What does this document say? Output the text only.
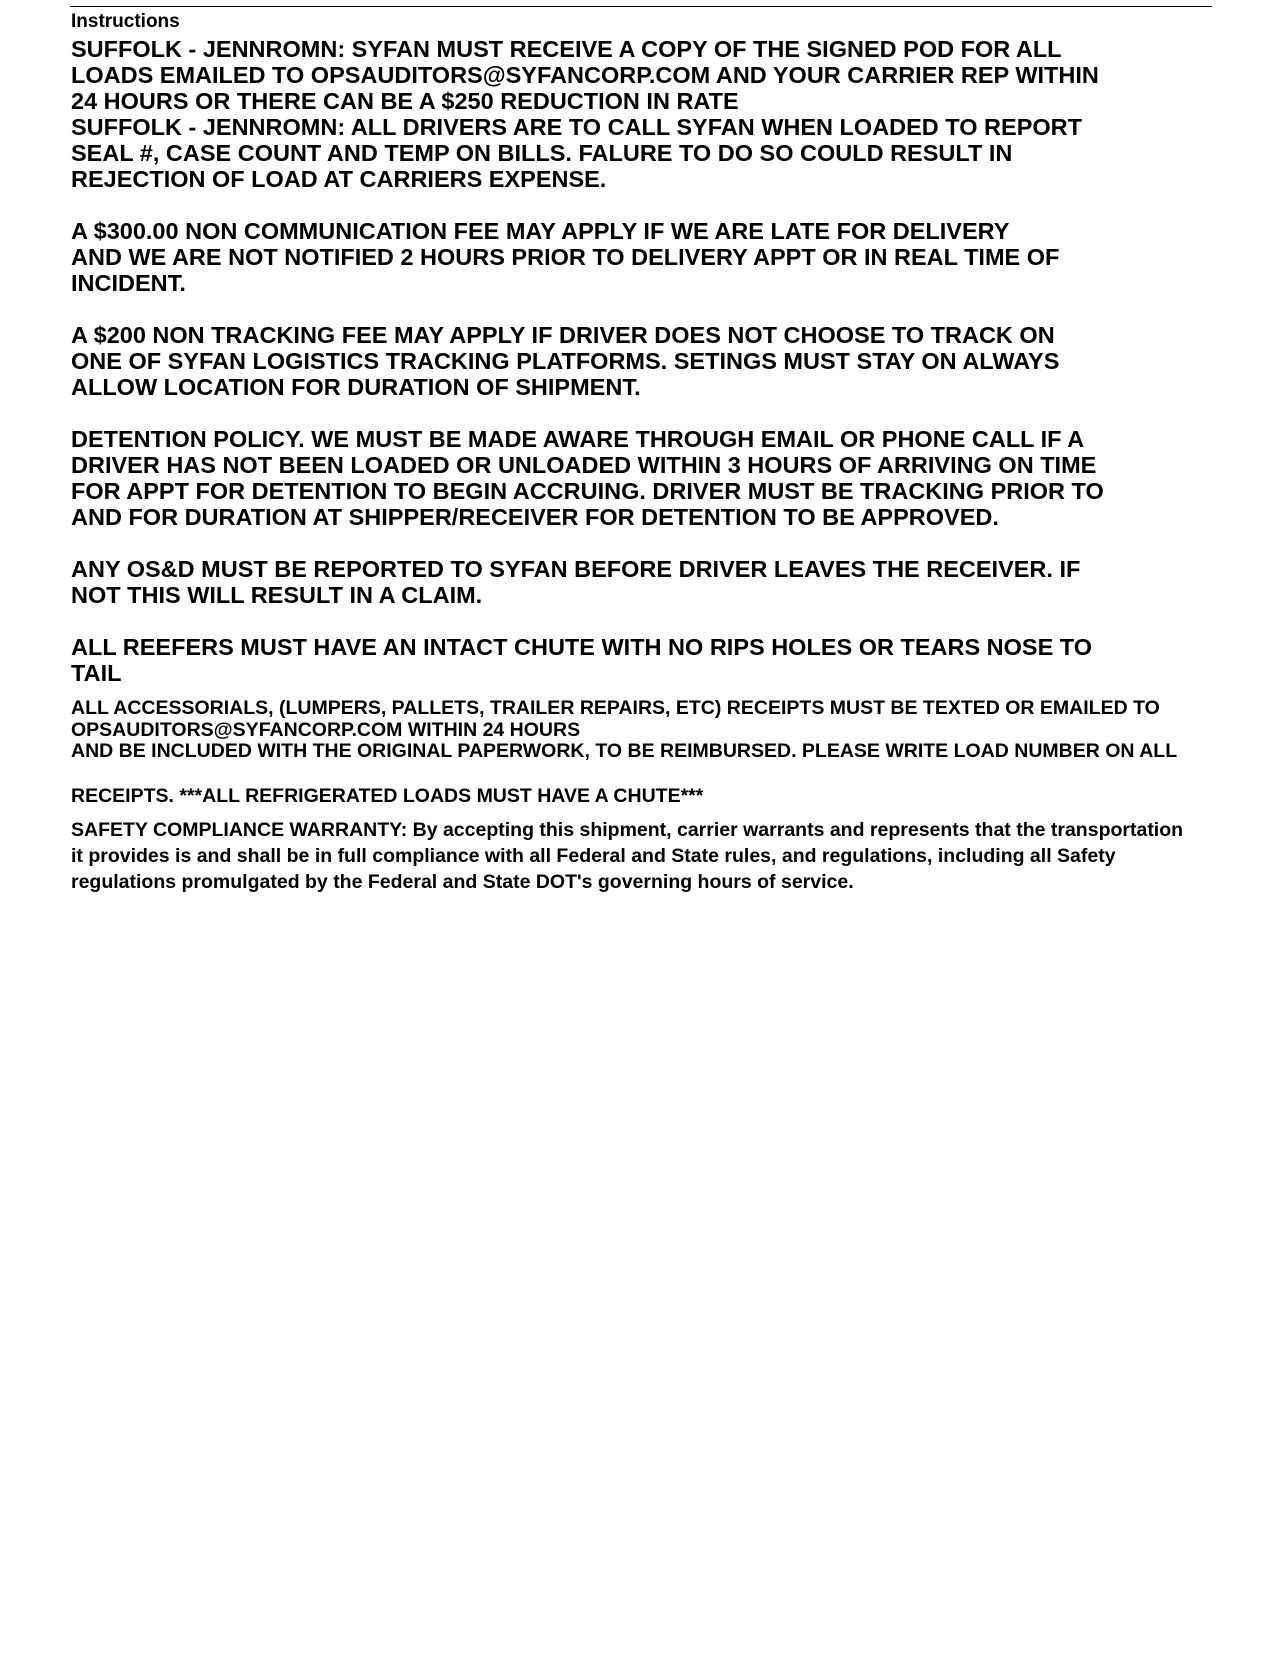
Instructions
SUFFOLK - JENNROMN: SYFAN MUST RECEIVE A COPY OF THE SIGNED POD FOR ALL
LOADS EMAILED TO OPSAUDITORS@SYFANCORP.COM AND YOUR CARRIER REP WITHIN
24 HOURS OR THERE CAN BE A $250 REDUCTION IN RATE
SUFFOLK - JENNROMN: ALL DRIVERS ARE TO CALL SYFAN WHEN LOADED TO REPORT
SEAL #, CASE COUNT AND TEMP ON BILLS. FALURE TO DO SO COULD RESULT IN
REJECTION OF LOAD AT CARRIERS EXPENSE.
A $300.00 NON COMMUNICATION FEE MAY APPLY IF WE ARE LATE FOR DELIVERY
AND WE ARE NOT NOTIFIED 2 HOURS PRIOR TO DELIVERY APPT OR IN REAL TIME OF
INCIDENT.
A $200 NON TRACKING FEE MAY APPLY IF DRIVER DOES NOT CHOOSE TO TRACK ON
ONE OF SYFAN LOGISTICS TRACKING PLATFORMS. SETINGS MUST STAY ON ALWAYS
ALLOW LOCATION FOR DURATION OF SHIPMENT.
DETENTION POLICY. WE MUST BE MADE AWARE THROUGH EMAIL OR PHONE CALL IF A
DRIVER HAS NOT BEEN LOADED OR UNLOADED WITHIN 3 HOURS OF ARRIVING ON TIME
FOR APPT FOR DETENTION TO BEGIN ACCRUING. DRIVER MUST BE TRACKING PRIOR TO
AND FOR DURATION AT SHIPPER/RECEIVER FOR DETENTION TO BE APPROVED.
ANY OS&D MUST BE REPORTED TO SYFAN BEFORE DRIVER LEAVES THE RECEIVER. IF
NOT THIS WILL RESULT IN A CLAIM.
ALL REEFERS MUST HAVE AN INTACT CHUTE WITH NO RIPS HOLES OR TEARS NOSE TO
TAIL
ALL ACCESSORIALS, (LUMPERS, PALLETS, TRAILER REPAIRS, ETC) RECEIPTS MUST BE TEXTED OR EMAILED TO
OPSAUDITORS@SYFANCORP.COM WITHIN 24 HOURS
AND BE INCLUDED WITH THE ORIGINAL PAPERWORK, TO BE REIMBURSED. PLEASE WRITE LOAD NUMBER ON ALL
RECEIPTS. ***ALL REFRIGERATED LOADS MUST HAVE A CHUTE***
SAFETY COMPLIANCE WARRANTY: By accepting this shipment, carrier warrants and represents that the transportation
it provides is and shall be in full compliance with all Federal and State rules, and regulations, including all Safety
regulations promulgated by the Federal and State DOT's governing hours of service.
